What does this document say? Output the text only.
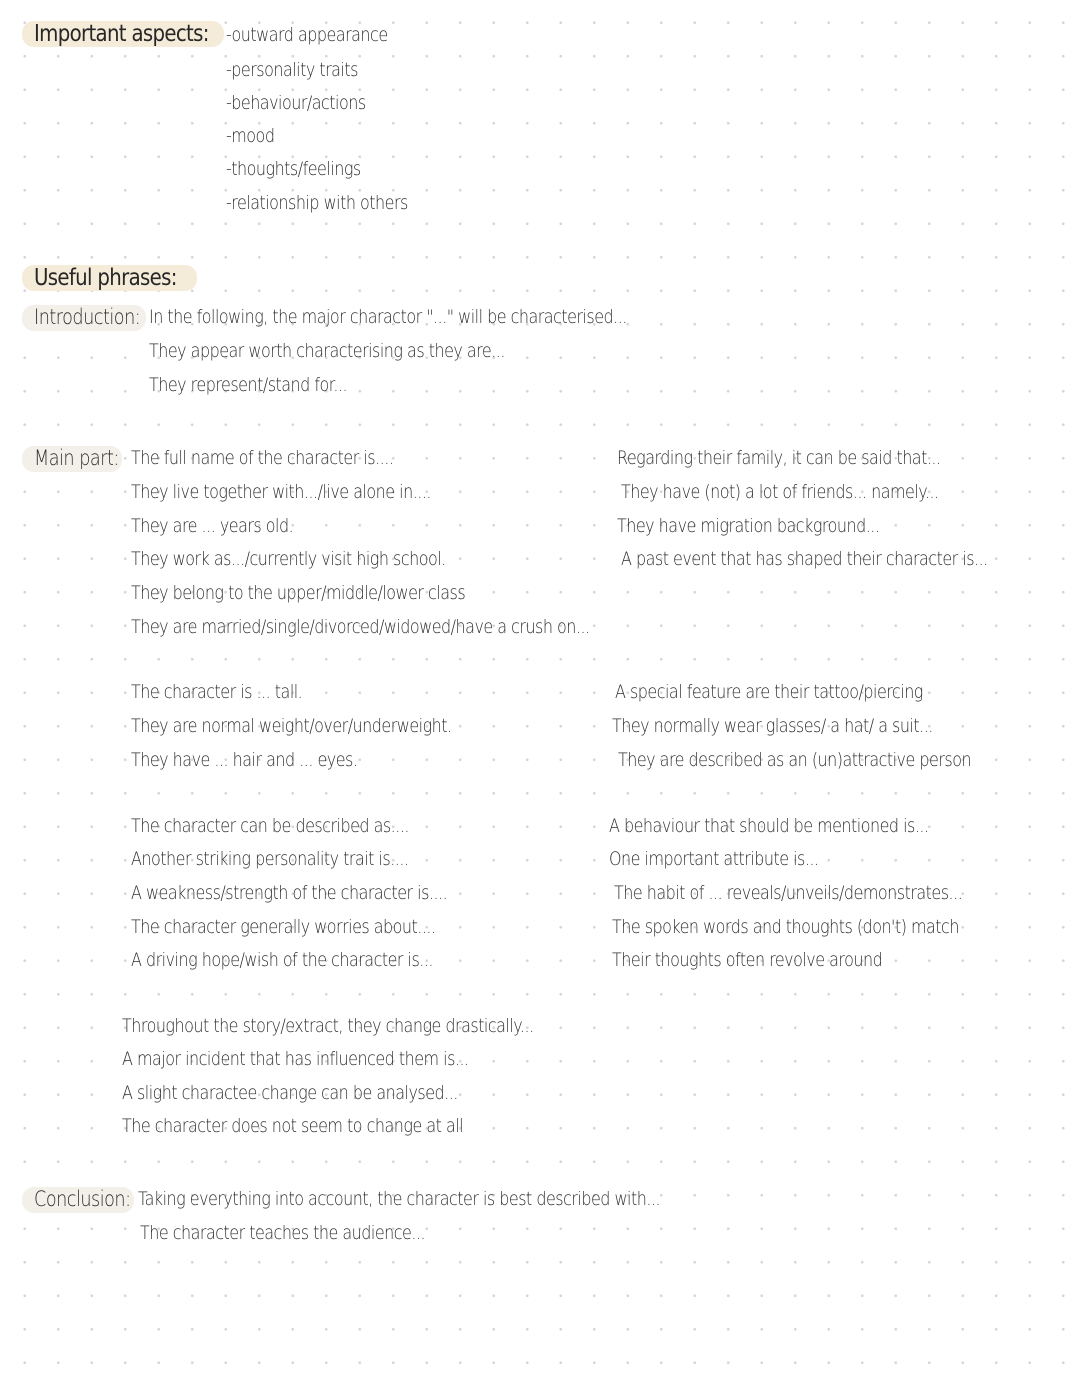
Important aspects: -outward appearance
-personality traits
-behaviour/actions
-mood
-thoughts/feelings
-relationship with others
Useful phrases:
Introduction: In the following, the major charactor "..." will be characterised...
They appear worth characterising as they are...
They represent/stand for...
Main part: The full name of the character is....
They live together with.../live alone in....
They are ... years old.
They work as.../currently visit high school.
They belong to the upper/middle/lower class
They are married/single/divorced/widowed/have a crush on...
Regarding their family, it can be said that...
They have (not) a lot of friends... namely...
They have migration background...
A past event that has shaped their character is...
The character is ... tall.
They are normal weight/over/underweight.
They have ... hair and ... eyes.
A special feature are their tattoo/piercing
They normally wear glasses/ a hat/ a suit...
They are described as an (un)attractive person
The character can be described as....
Another striking personality trait is....
A weakness/strength of the character is....
The character generally worries about....
A driving hope/wish of the character is...
A behaviour that should be mentioned is...
One important attribute is...
The habit of ... reveals/unveils/demonstrates...
The spoken words and thoughts (don't) match
Their thoughts often revolve around
Throughout the story/extract, they change drastically...
A major incident that has influenced them is...
A slight charactee change can be analysed...
The character does not seem to change at all
Conclusion: Taking everything into account, the character is best described with...
The character teaches the audience...
